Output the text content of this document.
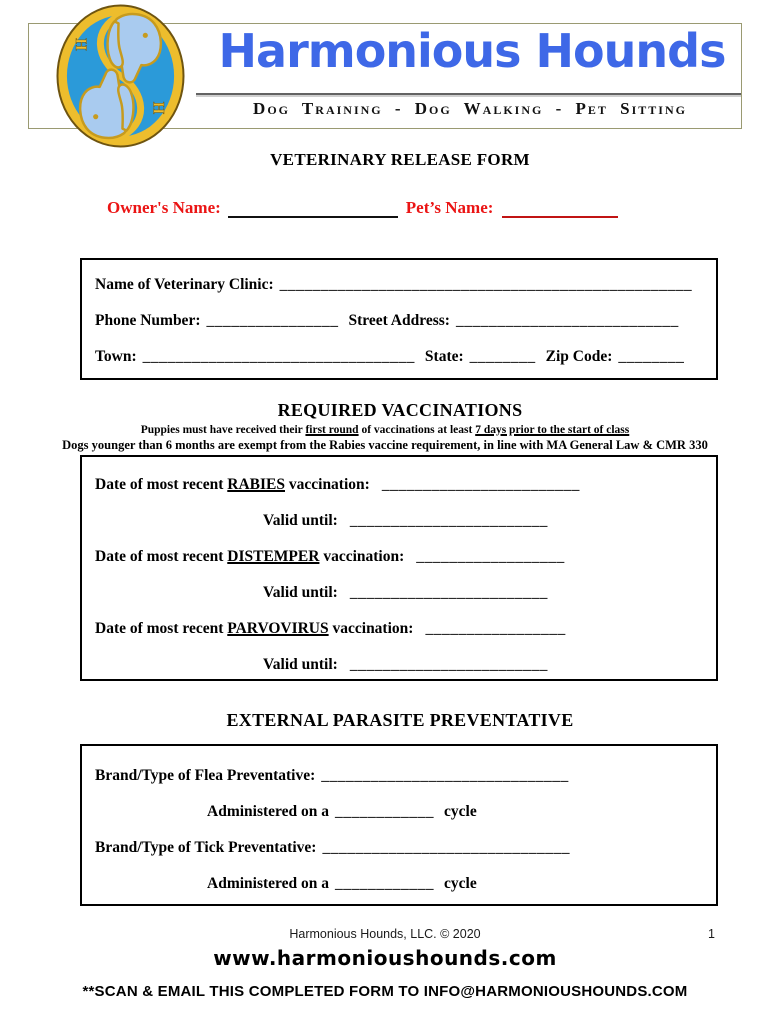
H
H
Harmonious Hounds
Dog Training - Dog Walking - Pet Sitting
VETERINARY RELEASE FORM
Owner's Name:	Pet’s Name:
Name of Veterinary Clinic: __________________________________________________
Phone Number: ________________ Street Address: ___________________________
Town: _________________________________ State: ________ Zip Code: ________
REQUIRED VACCINATIONS
Puppies must have received their first round of vaccinations at least 7 days prior to the start of class
Dogs younger than 6 months are exempt from the Rabies vaccine requirement, in line with MA General Law & CMR 330
Date of most recent RABIES vaccination: ________________________
Valid until: ________________________
Date of most recent DISTEMPER vaccination: __________________
Valid until: ________________________
Date of most recent PARVOVIRUS vaccination: _________________
Valid until: ________________________
EXTERNAL PARASITE PREVENTATIVE
Brand/Type of Flea Preventative: ______________________________
Administered on a ____________ cycle
Brand/Type of Tick Preventative: ______________________________
Administered on a ____________ cycle
Harmonious Hounds, LLC. © 2020	1
www.harmonioushounds.com
**SCAN & EMAIL THIS COMPLETED FORM TO INFO@HARMONIOUSHOUNDS.COM
